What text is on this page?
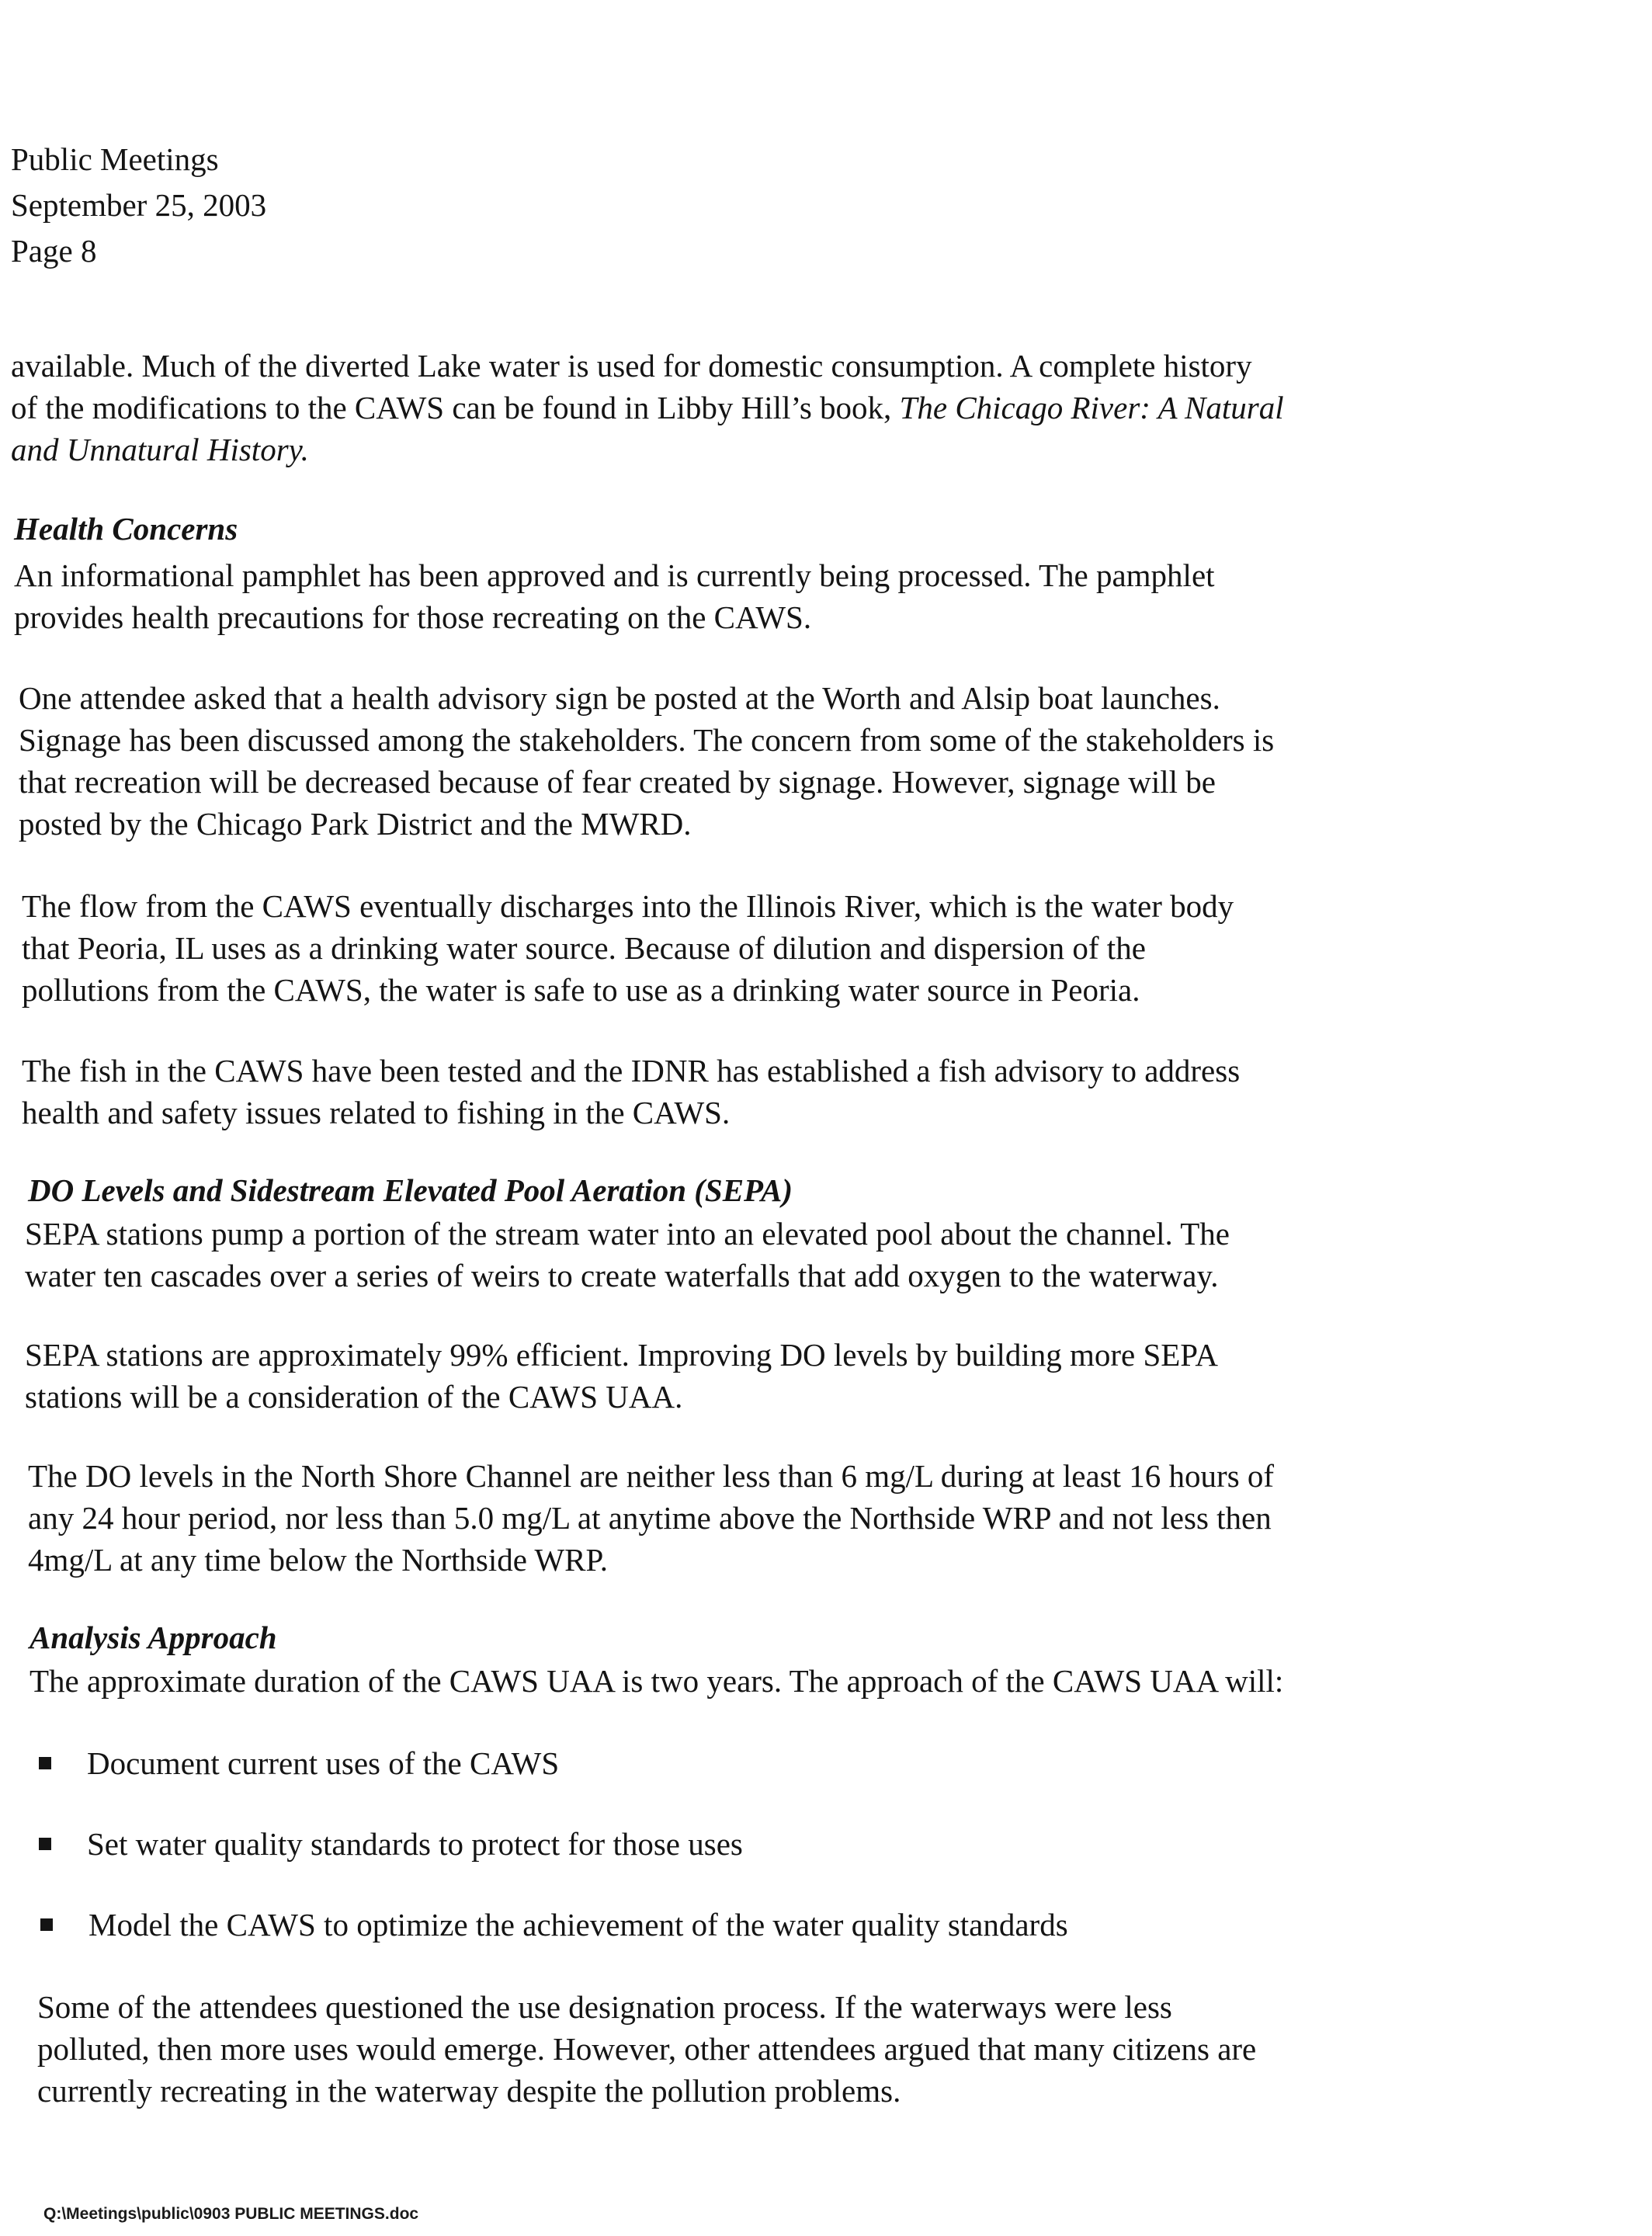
Public Meetings
September 25, 2003
Page 8
available. Much of the diverted Lake water is used for domestic consumption. A complete history
of the modifications to the CAWS can be found in Libby Hill’s book, The Chicago River: A Natural
and Unnatural History.
Health Concerns
An informational pamphlet has been approved and is currently being processed. The pamphlet
provides health precautions for those recreating on the CAWS.
One attendee asked that a health advisory sign be posted at the Worth and Alsip boat launches.
Signage has been discussed among the stakeholders. The concern from some of the stakeholders is
that recreation will be decreased because of fear created by signage. However, signage will be
posted by the Chicago Park District and the MWRD.
The flow from the CAWS eventually discharges into the Illinois River, which is the water body
that Peoria, IL uses as a drinking water source. Because of dilution and dispersion of the
pollutions from the CAWS, the water is safe to use as a drinking water source in Peoria.
The fish in the CAWS have been tested and the IDNR has established a fish advisory to address
health and safety issues related to fishing in the CAWS.
DO Levels and Sidestream Elevated Pool Aeration (SEPA)
SEPA stations pump a portion of the stream water into an elevated pool about the channel. The
water ten cascades over a series of weirs to create waterfalls that add oxygen to the waterway.
SEPA stations are approximately 99% efficient. Improving DO levels by building more SEPA
stations will be a consideration of the CAWS UAA.
The DO levels in the North Shore Channel are neither less than 6 mg/L during at least 16 hours of
any 24 hour period, nor less than 5.0 mg/L at anytime above the Northside WRP and not less then
4mg/L at any time below the Northside WRP.
Analysis Approach
The approximate duration of the CAWS UAA is two years. The approach of the CAWS UAA will:
Document current uses of the CAWS
Set water quality standards to protect for those uses
Model the CAWS to optimize the achievement of the water quality standards
Some of the attendees questioned the use designation process. If the waterways were less
polluted, then more uses would emerge. However, other attendees argued that many citizens are
currently recreating in the waterway despite the pollution problems.
Q:\Meetings\public\0903 PUBLIC MEETINGS.doc
